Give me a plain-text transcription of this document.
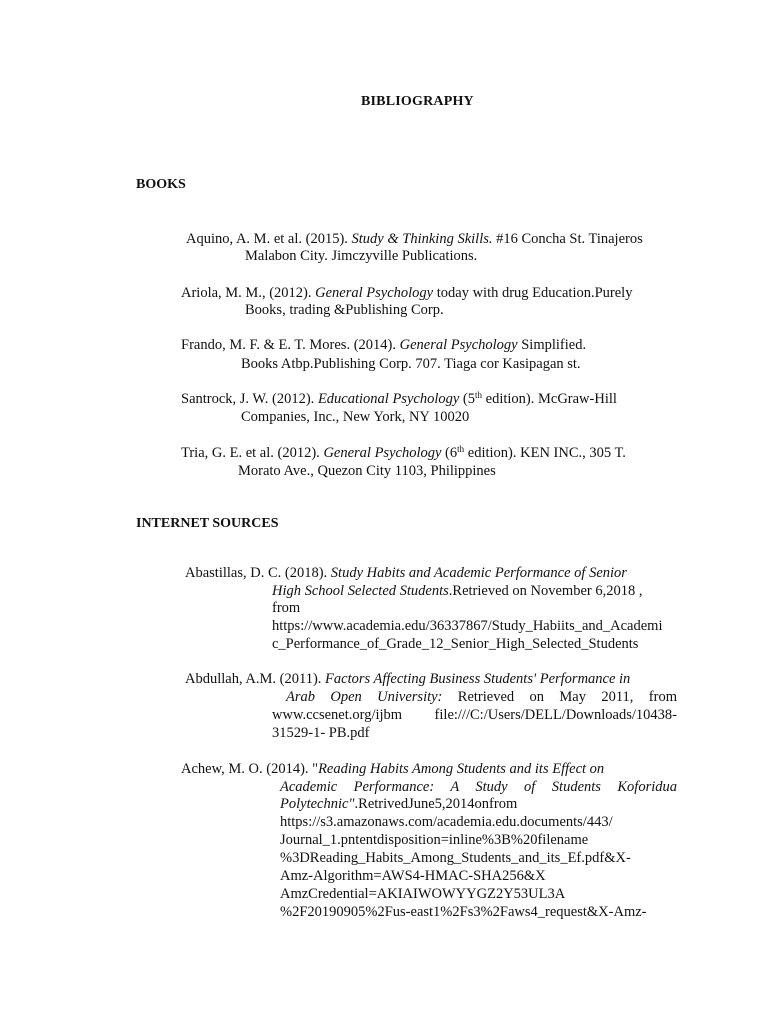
BIBLIOGRAPHY
BOOKS
Aquino, A. M. et al. (2015). Study & Thinking Skills. #16 Concha St. Tinajeros
Malabon City. Jimczyville Publications.
Ariola, M. M., (2012). General Psychology today with drug Education.Purely
Books, trading &Publishing Corp.
Frando, M. F. & E. T. Mores. (2014). General Psychology Simplified.
Books Atbp.Publishing Corp. 707. Tiaga cor Kasipagan st.
Santrock, J. W. (2012). Educational Psychology (5th edition). McGraw-Hill
Companies, Inc., New York, NY 10020
Tria, G. E. et al. (2012). General Psychology (6th edition). KEN INC., 305 T.
Morato Ave., Quezon City 1103, Philippines
INTERNET SOURCES
Abastillas, D. C. (2018). Study Habits and Academic Performance of Senior
High School Selected Students.Retrieved on November 6,2018 ,
from
https://www.academia.edu/36337867/Study_Habiits_and_Academi
c_Performance_of_Grade_12_Senior_High_Selected_Students
Abdullah, A.M. (2011). Factors Affecting Business Students' Performance in
Arab Open University: Retrieved on May 2011, from
www.ccsenet.org/ijbm file:///C:/Users/DELL/Downloads/10438-
31529-1- PB.pdf
Achew, M. O. (2014). "Reading Habits Among Students and its Effect on
Academic Performance: A Study of Students Koforidua
Polytechnic".RetrivedJune5,2014onfrom
https://s3.amazonaws.com/academia.edu.documents/443/
Journal_1.pntentdisposition=inline%3B%20filename
%3DReading_Habits_Among_Students_and_its_Ef.pdf&X-
Amz-Algorithm=AWS4-HMAC-SHA256&X
AmzCredential=AKIAIWOWYYGZ2Y53UL3A
%2F20190905%2Fus-east1%2Fs3%2Faws4_request&X-Amz-
